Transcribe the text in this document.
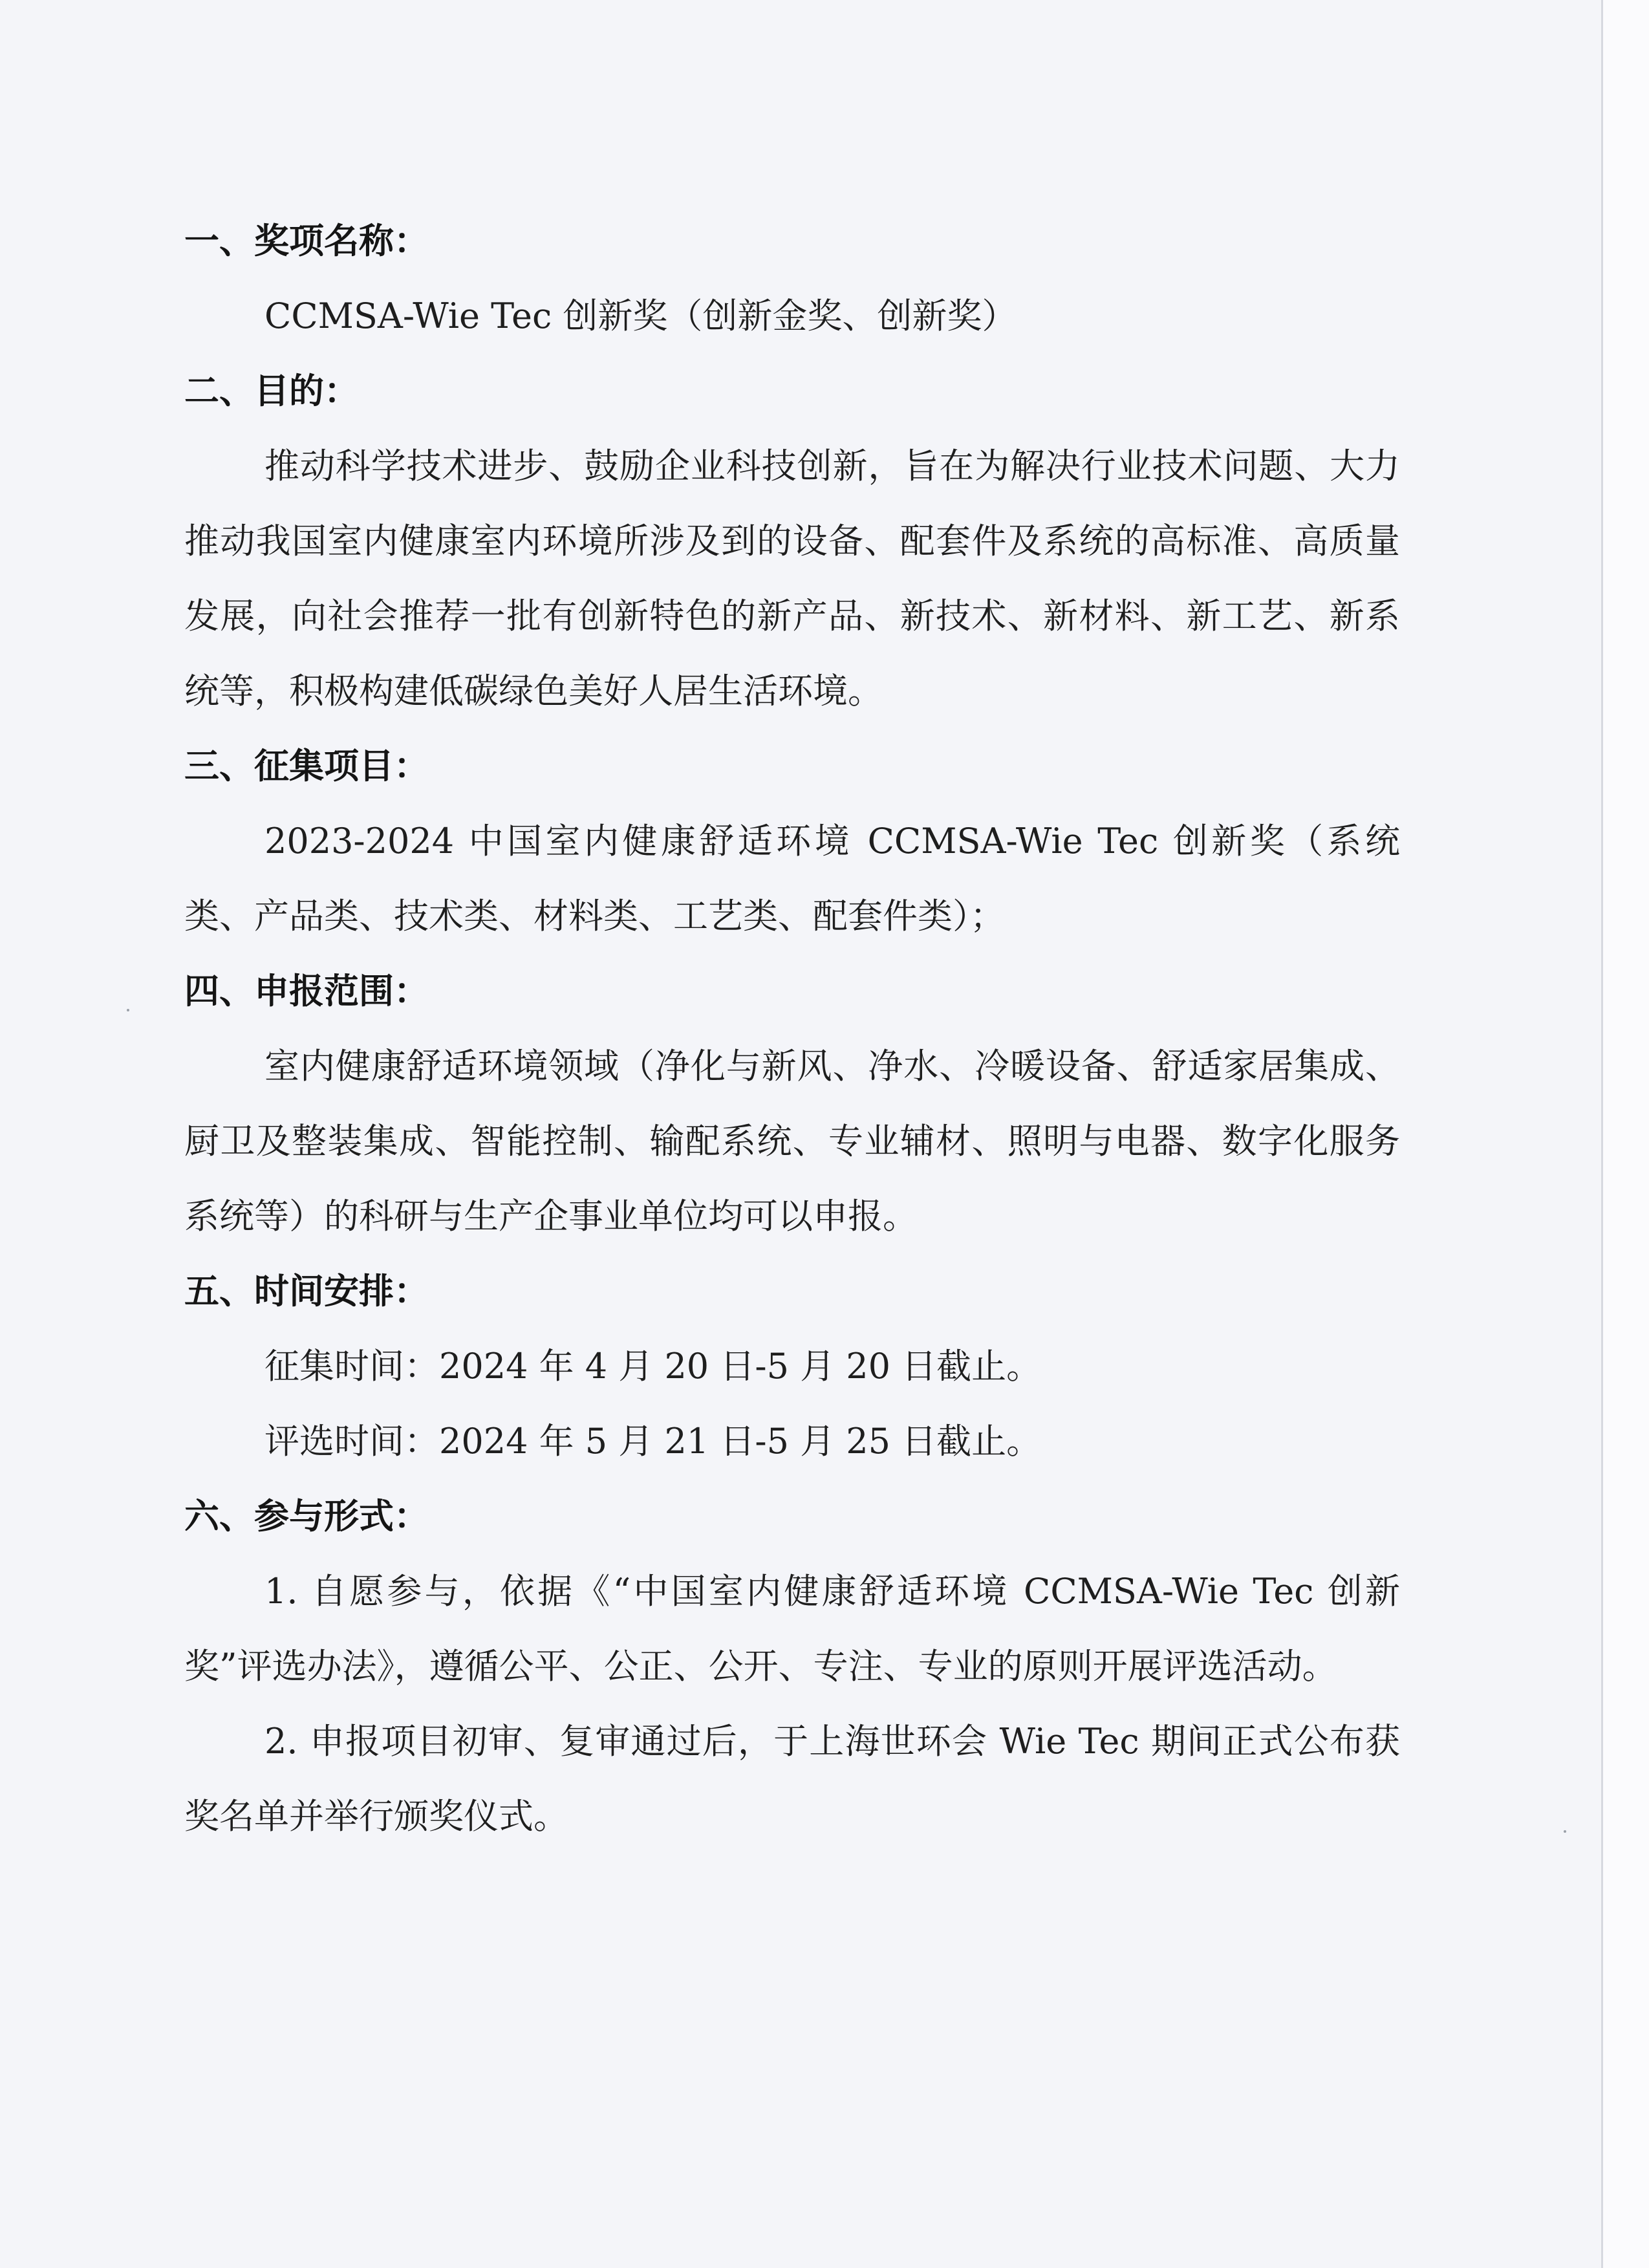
一、奖项名称：

CCMSA-Wie Tec 创新奖（创新金奖、创新奖）

二、目的：

推动科学技术进步、鼓励企业科技创新，旨在为解决行业技术问题、大力推动我国室内健康室内环境所涉及到的设备、配套件及系统的高标准、高质量发展，向社会推荐一批有创新特色的新产品、新技术、新材料、新工艺、新系统等，积极构建低碳绿色美好人居生活环境。

三、征集项目：

2023-2024 中国室内健康舒适环境 CCMSA-Wie Tec 创新奖（系统类、产品类、技术类、材料类、工艺类、配套件类）；

四、申报范围：

室内健康舒适环境领域（净化与新风、净水、冷暖设备、舒适家居集成、厨卫及整装集成、智能控制、输配系统、专业辅材、照明与电器、数字化服务系统等）的科研与生产企事业单位均可以申报。

五、时间安排：

征集时间：2024 年 4 月 20 日-5 月 20 日截止。

评选时间：2024 年 5 月 21 日-5 月 25 日截止。

六、参与形式：

1. 自愿参与，依据《“中国室内健康舒适环境 CCMSA-Wie Tec 创新奖”评选办法》，遵循公平、公正、公开、专注、专业的原则开展评选活动。

2. 申报项目初审、复审通过后，于上海世环会 Wie Tec 期间正式公布获奖名单并举行颁奖仪式。
